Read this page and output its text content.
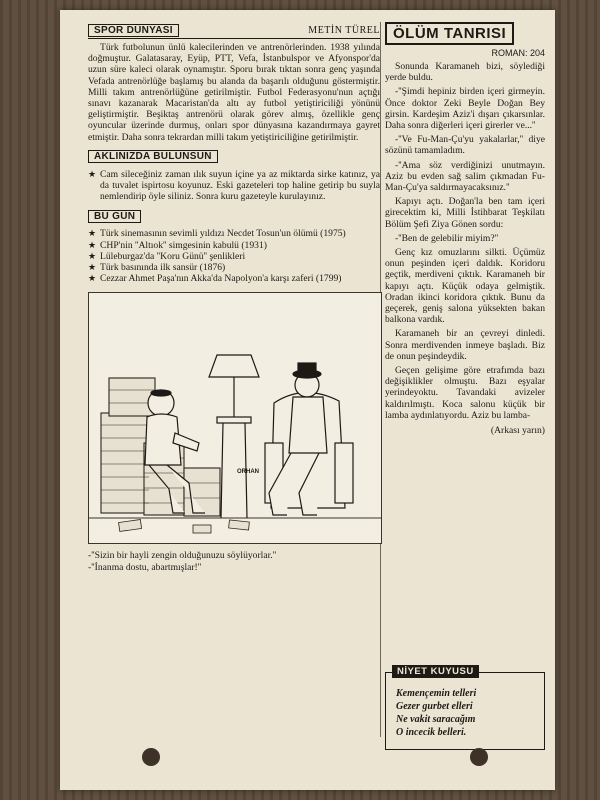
SPOR DÜNYASI	METİN TÜREL

Türk futbolunun ünlü kalecilerinden ve antrenörlerinden. 1938 yılında doğmuştur. Galatasaray, Eyüp, PTT, Vefa, İstanbulspor ve Afyonspor'da uzun süre kaleci olarak oynamıştır. Sporu bırak tıktan sonra genç yaşında Vefada antrenörlüğe başlamış bu alanda da başarılı olduğunu göstermiştir. Milli takım antrenörlüğüne getirilmiştir. Futbol Federasyonu'nun açtığı sınavı kazanarak Macaristan'da altı ay futbol yetiştiriciliği yönünü geliştirmiştir. Beşiktaş antrenörü olarak görev almış, özellikle genç oyuncular üzerinde durmuş, onları spor dünyasına kazandırmaya gayret etmiştir. Daha sonra tekrardan milli takım yetiştiriciliğine getirilmiştir.

AKLINIZDA BULUNSUN

★ Cam sileceğiniz zaman ılık suyun içine ya az miktarda sirke katınız, ya da tuvalet ispirtosu koyunuz. Eski gazeteleri top haline getirip bu suyla nemlendirip öyle siliniz. Sonra kuru gazeteyle kurulayınız.

BU GÜN

★ Türk sinemasının sevimli yıldızı Necdet Tosun'un ölümü (1975)

★ CHP'nin ''Altıok'' simgesinin kabulü (1931)

★ Lüleburgaz'da ''Koru Günü'' şenlikleri

★ Türk basınında ilk sansür (1876)

★ Cezzar Ahmet Paşa'nın Akka'da Napolyon'a karşı zaferi (1799)

ORHAN
-''Sizin bir hayli zengin olduğunuzu söylüyorlar.''
-''İnanma dostu, abartmışlar!''
ÖLÜM TANRISI
ROMAN: 204

Sonunda Karamaneh bizi, söylediği yerde buldu.

-''Şimdi hepiniz birden içeri girmeyin. Önce doktor Zeki Beyle Doğan Bey girsin. Kardeşim Aziz'i dışarı çıkarsınlar. Daha sonra diğerleri içeri girerler ve...''

-''Ve Fu-Man-Çu'yu yakalarlar,'' diye sözünü tamamladım.

-''Ama söz verdiğinizi unutmayın. Aziz bu evden sağ salim çıkmadan Fu-Man-Çu'ya saldırmayacaksınız.''

Kapıyı açtı. Doğan'la ben tam içeri girecektim ki, Milli İstihbarat Teşkilatı Bölüm Şefi Ziya Gönen sordu:

-''Ben de gelebilir miyim?''

Genç kız omuzlarını silkti. Üçümüz onun peşinden içeri daldık. Koridoru geçtik, merdiveni çıktık. Karamaneh bir kapıyı açtı. Küçük odaya gelmiştik. Oradan ikinci koridora çıktık. Bunu da geçerek, geniş salona yüksekten bakan balkona vardık.

Karamaneh bir an çevreyi dinledi. Sonra merdivenden inmeye başladı. Biz de onun peşindeydik.

Geçen gelişime göre etrafımda bazı değişiklikler olmuştu. Bazı eşyalar yerindeyoktu. Tavandaki avizeler kaldırılmıştı. Koca salonu küçük bir lamba aydınlatıyordu. Aziz bu lamba-

(Arkası yarın)
NİYET KUYUSU
Kemençemin telleri
Gezer gurbet elleri
Ne vakit saracağım
O incecik belleri.
